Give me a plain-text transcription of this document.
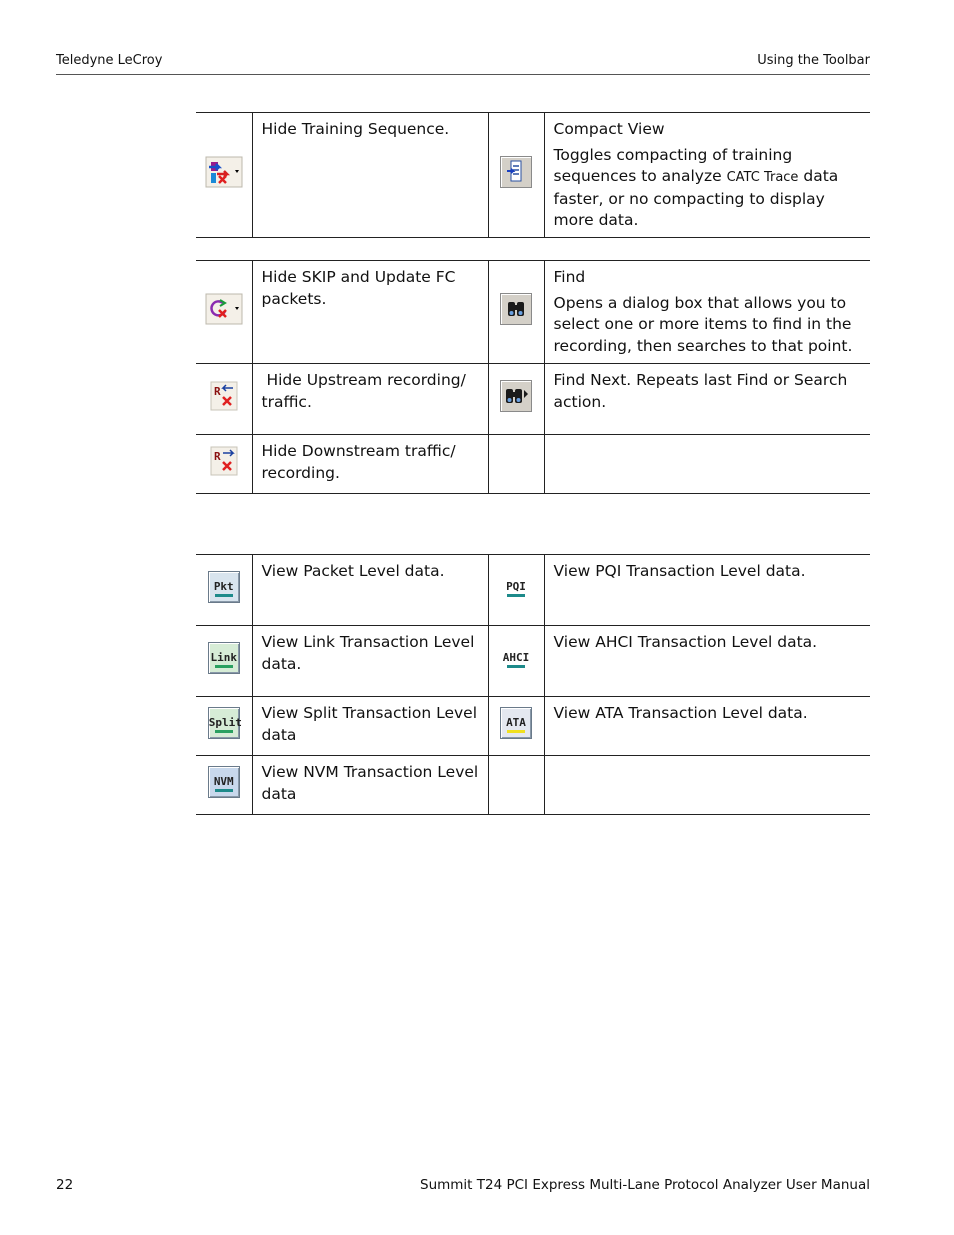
Teledyne LeCroy	Using the Toolbar
	Hide Training Sequence.		Compact View
Toggles compacting of training sequences to analyze CATC Trace data faster, or no compacting to display more data.
	Hide SKIP and Update FC packets.		Find
Opens a dialog box that allows you to select one or more items to find in the recording, then searches to that point.

R	Hide Upstream recording/ traffic.		Find Next. Repeats last Find or Search action.

R	Hide Downstream traffic/ recording.		
Pkt	View Packet Level data.	PQI	View PQI Transaction Level data.

Link	View Link Transaction Level data.	AHCI	View AHCI Transaction Level data.

Split	View Split Transaction Level data	ATA	View ATA Transaction Level data.

NVM	View NVM Transaction Level data		
22	Summit T24 PCI Express Multi-Lane Protocol Analyzer User Manual
